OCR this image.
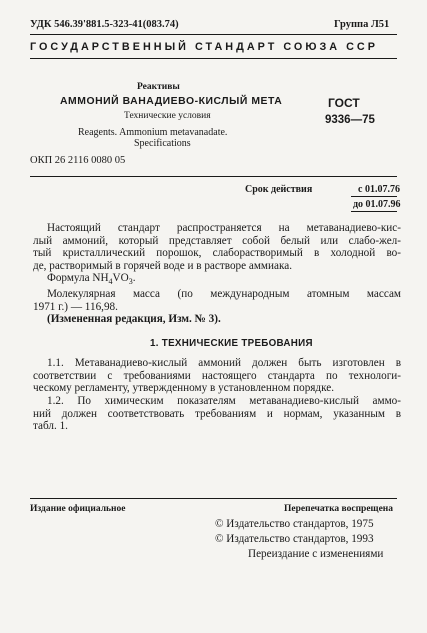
УДК 546.39'881.5-323-41(083.74)	Группа Л51
ГОСУДАРСТВЕННЫЙ СТАНДАРТ СОЮЗА ССР
Реактивы
АММОНИЙ ВАНАДИЕВО-КИСЛЫЙ МЕТА
Технические условия
Reagents. Ammonium metavanadate.
Specifications
ГОСТ
9336—75
ОКП 26 2116 0080 05
Срок действия	с 01.07.76
до 01.07.96
Настоящий стандарт распространяется на метаванадиево-кис-
лый аммоний, который представляет собой белый или слабо-жел-
тый кристаллический порошок, слаборастворимый в холодной во-
де, растворимый в горячей воде и в растворе аммиака.
Формула $NH_4VO_3$.
Молекулярная масса (по международным атомным массам
1971 г.) — 116,98.
(Измененная редакция, Изм. № 3).
1. ТЕХНИЧЕСКИЕ ТРЕБОВАНИЯ
1.1. Метаванадиево-кислый аммоний должен быть изготовлен в
соответствии с требованиями настоящего стандарта по технологи-
ческому регламенту, утвержденному в установленном порядке.
1.2. По химическим показателям метаванадиево-кислый аммо-
ний должен соответствовать требованиям и нормам, указанным в
табл. 1.
Издание официальное	Перепечатка воспрещена
© Издательство стандартов, 1975
© Издательство стандартов, 1993
Переиздание с изменениями
